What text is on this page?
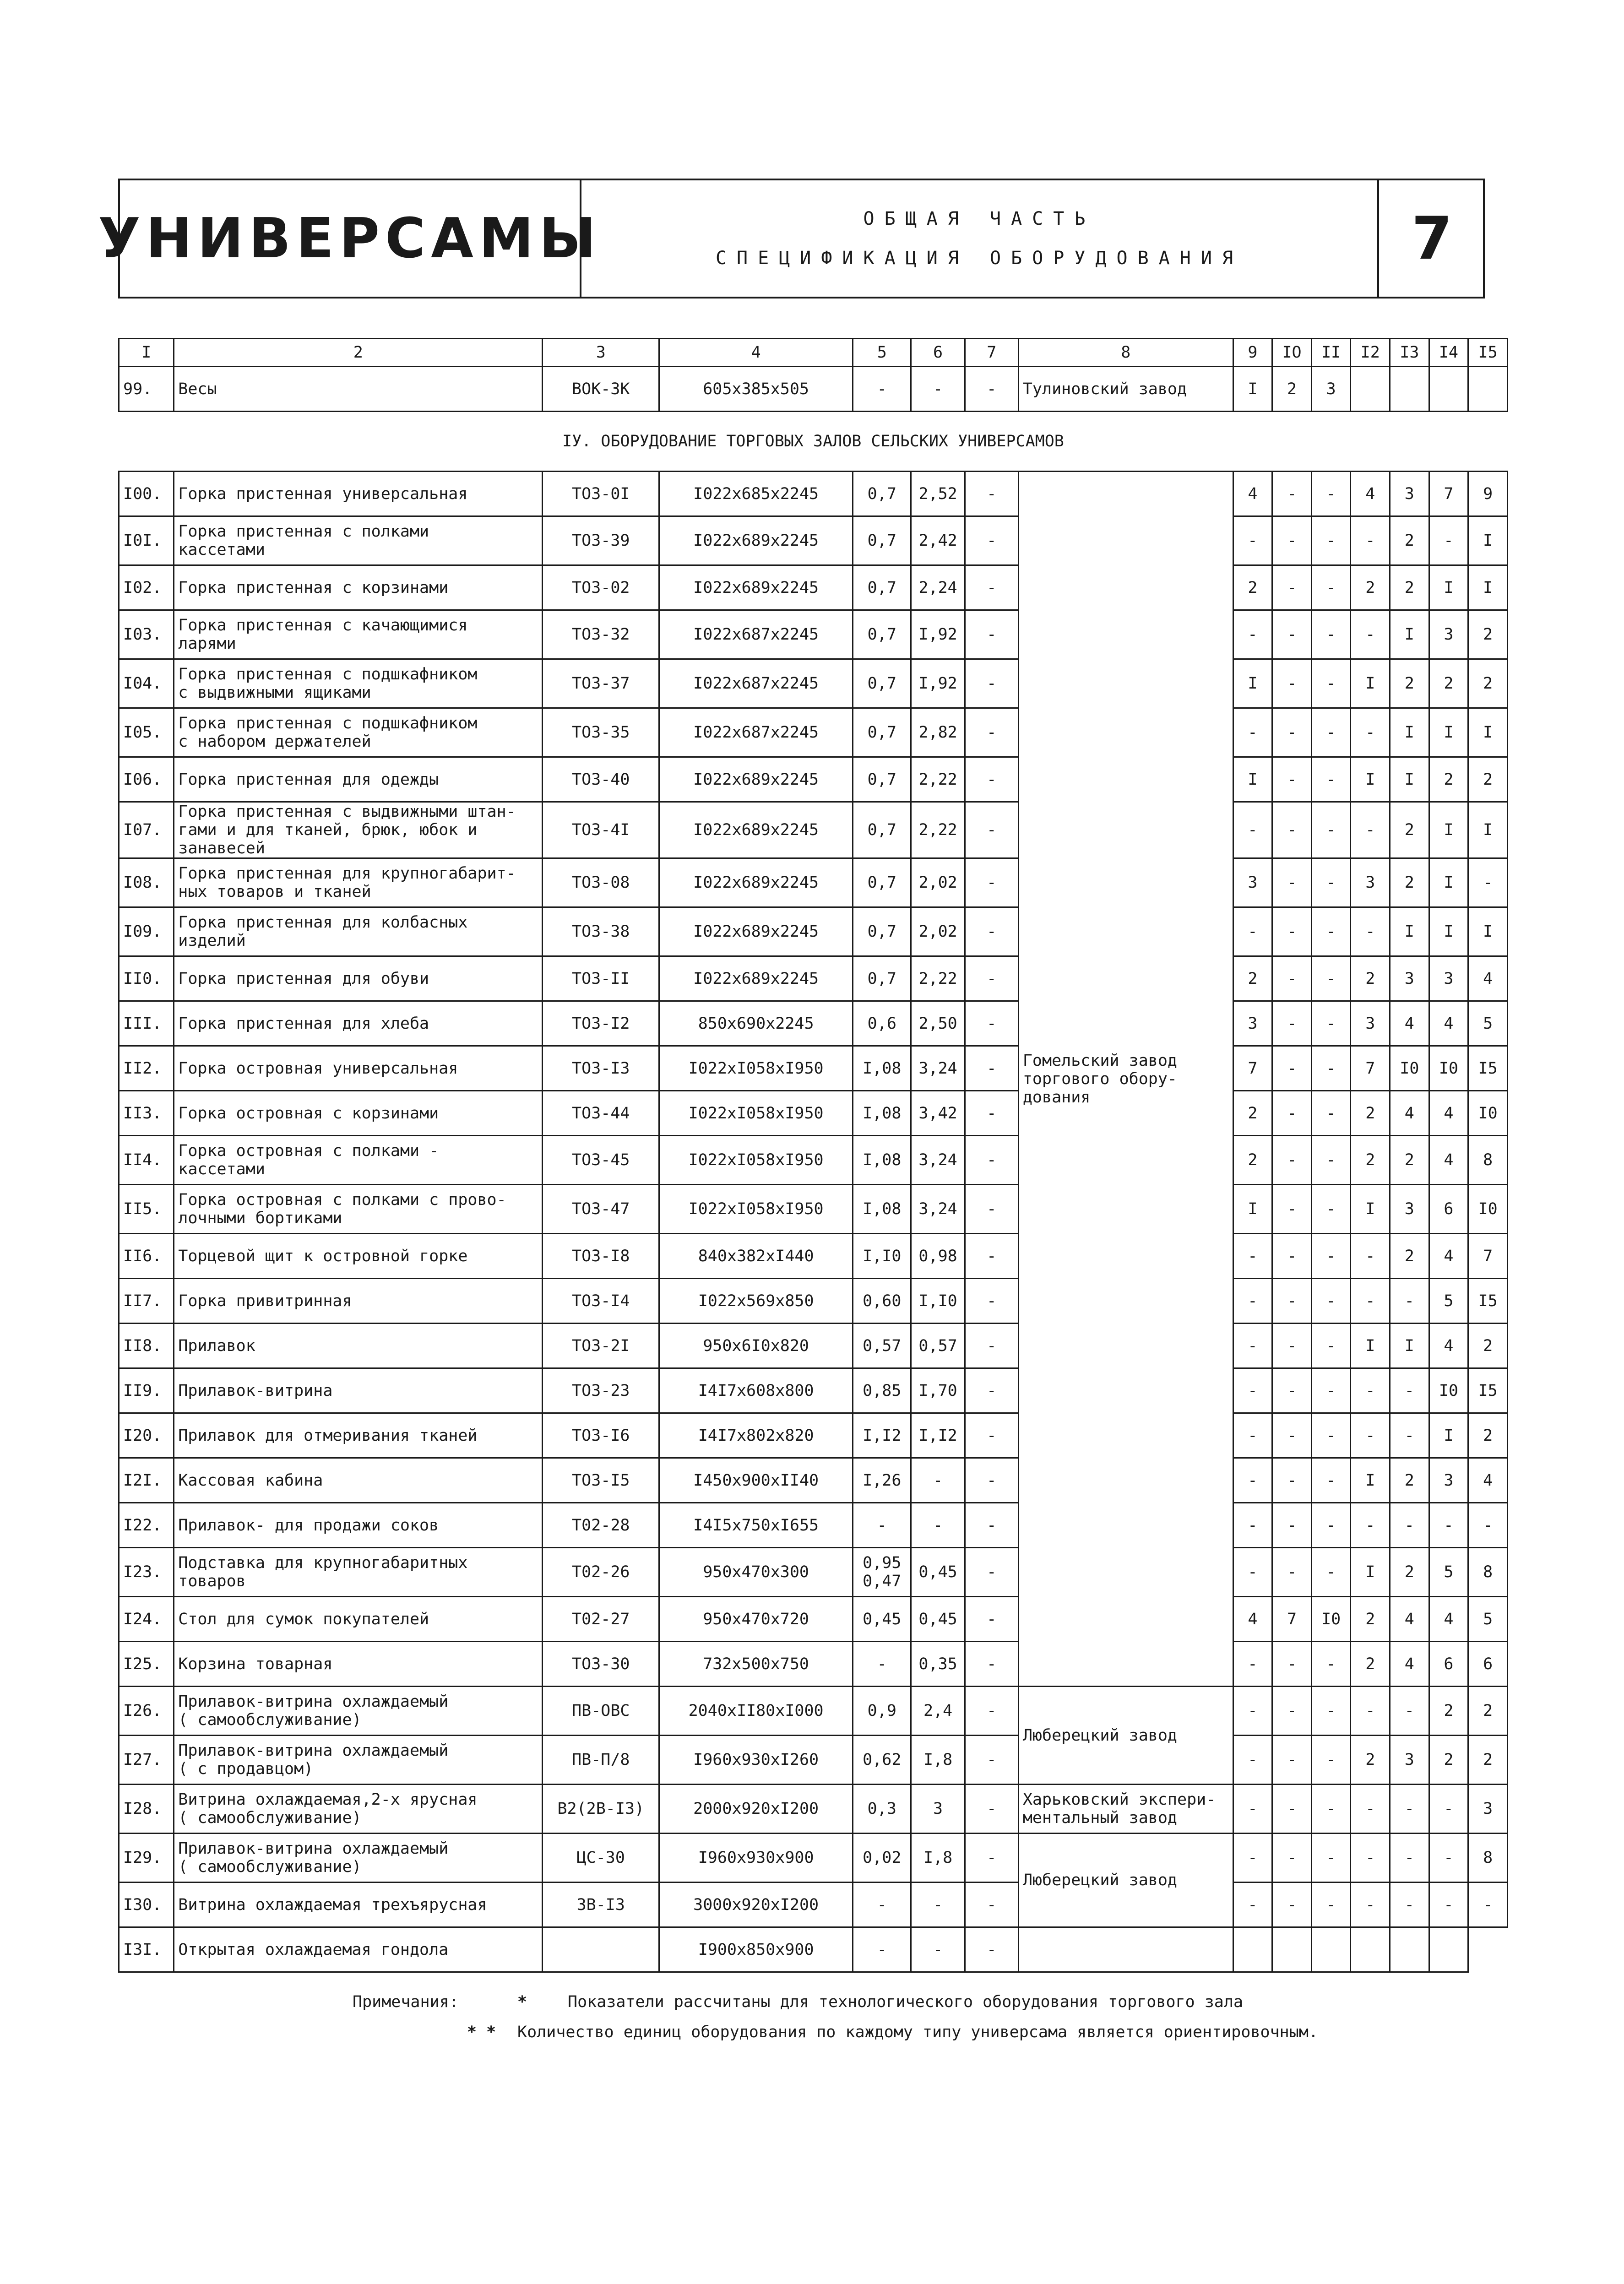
УНИВЕРСАМЫ	ОБЩАЯ ЧАСТЬ
СПЕЦИФИКАЦИЯ ОБОРУДОВАНИЯ	7
I	2	3	4	5	6	7	8	9	IO	II	I2	I3	I4	I5
99.	Весы	ВОК-3К	605x385x505	-	-	-	Тулиновский завод	I	2	3				
IУ. ОБОРУДОВАНИЕ ТОРГОВЫХ ЗАЛОВ СЕЛЬСКИХ УНИВЕРСАМОВ														
I00.	Горка пристенная универсальная	ТОЗ-0I	I022x685x2245	0,7	2,52	-	Гомельский завод
торгового обору-
дования	4	-	-	4	3	7	9
I0I.	Горка пристенная с полками
кассетами	ТОЗ-39	I022x689x2245	0,7	2,42	-		-	-	-	-	2	-	I
I02.	Горка пристенная с корзинами	ТОЗ-02	I022x689x2245	0,7	2,24	-		2	-	-	2	2	I	I
I03.	Горка пристенная с качающимися
ларями	ТОЗ-32	I022x687x2245	0,7	I,92	-		-	-	-	-	I	3	2
I04.	Горка пристенная с подшкафником
с выдвижными ящиками	ТОЗ-37	I022x687x2245	0,7	I,92	-		I	-	-	I	2	2	2
I05.	Горка пристенная с подшкафником
с набором держателей	ТОЗ-35	I022x687x2245	0,7	2,82	-		-	-	-	-	I	I	I
I06.	Горка пристенная для одежды	ТОЗ-40	I022x689x2245	0,7	2,22	-		I	-	-	I	I	2	2
I07.	Горка пристенная с выдвижными штан-
гами и для тканей, брюк, юбок и
занавесей	ТОЗ-4I	I022x689x2245	0,7	2,22	-		-	-	-	-	2	I	I
I08.	Горка пристенная для крупногабарит-
ных товаров и тканей	ТОЗ-08	I022x689x2245	0,7	2,02	-		3	-	-	3	2	I	-
I09.	Горка пристенная для колбасных
изделий	ТОЗ-38	I022x689x2245	0,7	2,02	-		-	-	-	-	I	I	I
II0.	Горка пристенная для обуви	ТОЗ-II	I022x689x2245	0,7	2,22	-		2	-	-	2	3	3	4
III.	Горка пристенная для хлеба	ТОЗ-I2	850x690x2245	0,6	2,50	-		3	-	-	3	4	4	5
II2.	Горка островная универсальная	ТОЗ-I3	I022xI058xI950	I,08	3,24	-		7	-	-	7	I0	I0	I5
II3.	Горка островная с корзинами	ТОЗ-44	I022xI058xI950	I,08	3,42	-		2	-	-	2	4	4	I0
II4.	Горка островная с полками -
кассетами	ТОЗ-45	I022xI058xI950	I,08	3,24	-		2	-	-	2	2	4	8
II5.	Горка островная с полками с прово-
лочными бортиками	ТОЗ-47	I022xI058xI950	I,08	3,24	-		I	-	-	I	3	6	I0
II6.	Торцевой щит к островной горке	ТОЗ-I8	840x382xI440	I,I0	0,98	-		-	-	-	-	2	4	7
II7.	Горка привитринная	ТОЗ-I4	I022x569x850	0,60	I,I0	-		-	-	-	-	-	5	I5
II8.	Прилавок	ТОЗ-2I	950x6I0x820	0,57	0,57	-		-	-	-	I	I	4	2
II9.	Прилавок-витрина	ТОЗ-23	I4I7x608x800	0,85	I,70	-		-	-	-	-	-	I0	I5
I20.	Прилавок для отмеривания тканей	ТОЗ-I6	I4I7x802x820	I,I2	I,I2	-		-	-	-	-	-	I	2
I2I.	Кассовая кабина	ТОЗ-I5	I450x900xII40	I,26	-	-		-	-	-	I	2	3	4
I22.	Прилавок- для продажи соков	Т02-28	I4I5x750xI655	-	-	-		-	-	-	-	-	-	-
I23.	Подставка для крупногабаритных
товаров	Т02-26	950x470x300	0,95
0,47	0,45	-		-	-	-	I	2	5	8
I24.	Стол для сумок покупателей	Т02-27	950x470x720	0,45	0,45	-		4	7	I0	2	4	4	5
I25.	Корзина товарная	ТОЗ-30	732x500x750	-	0,35	-		-	-	-	2	4	6	6
I26.	Прилавок-витрина охлаждаемый
( самообслуживание)	ПВ-ОВС	2040xII80xI000	0,9	2,4	-	Люберецкий завод	-	-	-	-	-	2	2
I27.	Прилавок-витрина охлаждаемый
( с продавцом)	ПВ-П/8	I960x930xI260	0,62	I,8	-		-	-	-	2	3	2	2
I28.	Витрина охлаждаемая,2-х ярусная
( самообслуживание)	В2(2В-I3)	2000x920xI200	0,3	3	-	Харьковский экспери-
ментальный завод	-	-	-	-	-	-	3
I29.	Прилавок-витрина охлаждаемый
( самообслуживание)	ЦС-30	I960x930x900	0,02	I,8	-	Люберецкий завод	-	-	-	-	-	-	8
I30.	Витрина охлаждаемая трехъярусная	3В-I3	3000x920xI200	-	-	-		-	-	-	-	-	-	-
I3I.	Открытая охлаждаемая гондола		I900x850x900	-	-	-								
Примечания:	*	Показатели рассчитаны для технологического оборудования торгового зала
* *	Количество единиц оборудования по каждому типу универсама является ориентировочным.
